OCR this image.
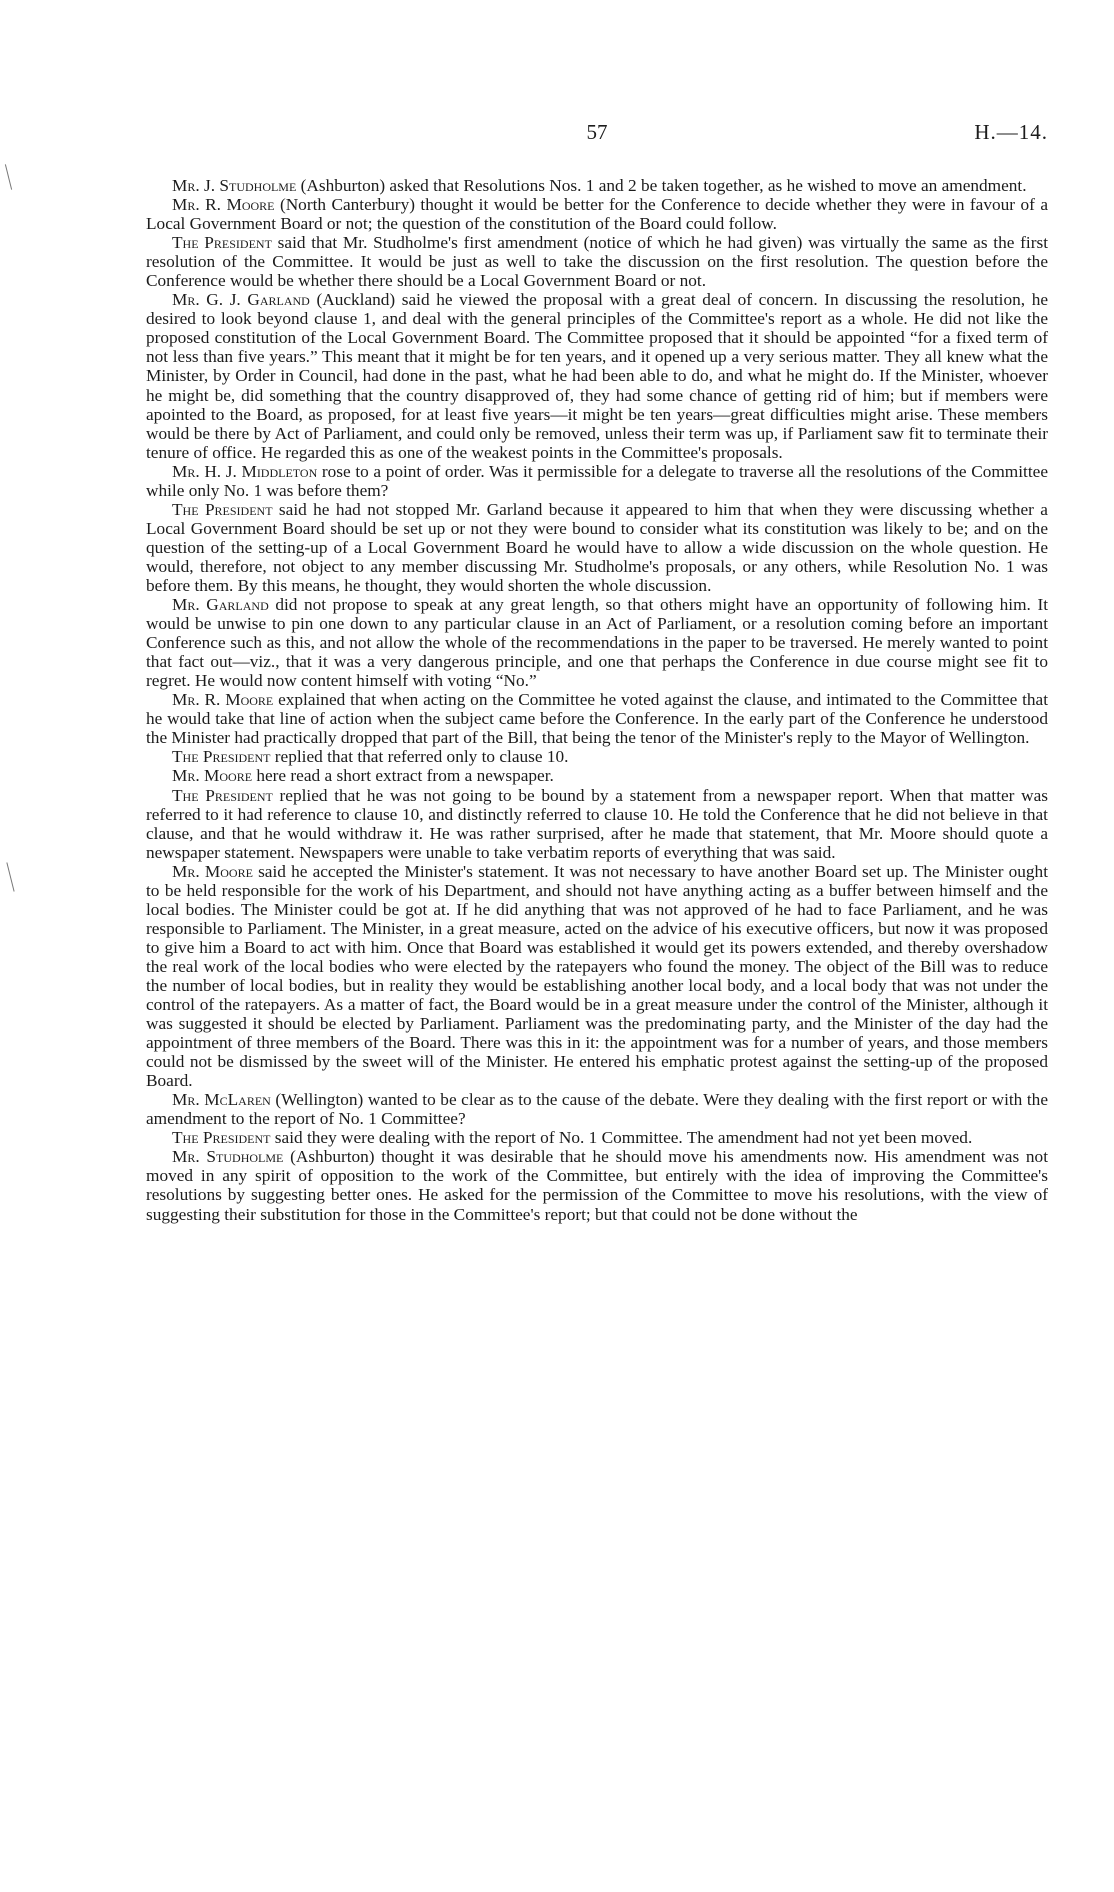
57	H.—14.

Mr. J. Studholme (Ashburton) asked that Resolutions Nos. 1 and 2 be taken together, as he wished to move an amendment.

Mr. R. Moore (North Canterbury) thought it would be better for the Conference to decide whether they were in favour of a Local Government Board or not; the question of the constitution of the Board could follow.

The President said that Mr. Studholme's first amendment (notice of which he had given) was virtually the same as the first resolution of the Committee. It would be just as well to take the discussion on the first resolution. The question before the Conference would be whether there should be a Local Government Board or not.

Mr. G. J. Garland (Auckland) said he viewed the proposal with a great deal of concern. In discussing the resolution, he desired to look beyond clause 1, and deal with the general principles of the Committee's report as a whole. He did not like the proposed constitution of the Local Government Board. The Committee proposed that it should be appointed “for a fixed term of not less than five years.” This meant that it might be for ten years, and it opened up a very serious matter. They all knew what the Minister, by Order in Council, had done in the past, what he had been able to do, and what he might do. If the Minister, whoever he might be, did something that the country disapproved of, they had some chance of getting rid of him; but if members were apointed to the Board, as proposed, for at least five years—it might be ten years—great difficulties might arise. These members would be there by Act of Parliament, and could only be removed, unless their term was up, if Parliament saw fit to terminate their tenure of office. He regarded this as one of the weakest points in the Committee's proposals.

Mr. H. J. Middleton rose to a point of order. Was it permissible for a delegate to traverse all the resolutions of the Committee while only No. 1 was before them?

The President said he had not stopped Mr. Garland because it appeared to him that when they were discussing whether a Local Government Board should be set up or not they were bound to consider what its constitution was likely to be; and on the question of the setting-up of a Local Government Board he would have to allow a wide discussion on the whole question. He would, therefore, not object to any member discussing Mr. Studholme's proposals, or any others, while Resolution No. 1 was before them. By this means, he thought, they would shorten the whole discussion.

Mr. Garland did not propose to speak at any great length, so that others might have an opportunity of following him. It would be unwise to pin one down to any particular clause in an Act of Parliament, or a resolution coming before an important Conference such as this, and not allow the whole of the recommendations in the paper to be traversed. He merely wanted to point that fact out—viz., that it was a very dangerous principle, and one that perhaps the Conference in due course might see fit to regret. He would now content himself with voting “No.”

Mr. R. Moore explained that when acting on the Committee he voted against the clause, and intimated to the Committee that he would take that line of action when the subject came before the Conference. In the early part of the Conference he understood the Minister had practically dropped that part of the Bill, that being the tenor of the Minister's reply to the Mayor of Wellington.

The President replied that that referred only to clause 10.

Mr. Moore here read a short extract from a newspaper.

The President replied that he was not going to be bound by a statement from a newspaper report. When that matter was referred to it had reference to clause 10, and distinctly referred to clause 10. He told the Conference that he did not believe in that clause, and that he would withdraw it. He was rather surprised, after he made that statement, that Mr. Moore should quote a newspaper statement. Newspapers were unable to take verbatim reports of everything that was said.

Mr. Moore said he accepted the Minister's statement. It was not necessary to have another Board set up. The Minister ought to be held responsible for the work of his Department, and should not have anything acting as a buffer between himself and the local bodies. The Minister could be got at. If he did anything that was not approved of he had to face Parliament, and he was responsible to Parliament. The Minister, in a great measure, acted on the advice of his executive officers, but now it was proposed to give him a Board to act with him. Once that Board was established it would get its powers extended, and thereby overshadow the real work of the local bodies who were elected by the ratepayers who found the money. The object of the Bill was to reduce the number of local bodies, but in reality they would be establishing another local body, and a local body that was not under the control of the ratepayers. As a matter of fact, the Board would be in a great measure under the control of the Minister, although it was suggested it should be elected by Parliament. Parliament was the predominating party, and the Minister of the day had the appointment of three members of the Board. There was this in it: the appointment was for a number of years, and those members could not be dismissed by the sweet will of the Minister. He entered his emphatic protest against the setting-up of the proposed Board.

Mr. McLaren (Wellington) wanted to be clear as to the cause of the debate. Were they dealing with the first report or with the amendment to the report of No. 1 Committee?

The President said they were dealing with the report of No. 1 Committee. The amendment had not yet been moved.

Mr. Studholme (Ashburton) thought it was desirable that he should move his amendments now. His amendment was not moved in any spirit of opposition to the work of the Committee, but entirely with the idea of improving the Committee's resolutions by suggesting better ones. He asked for the permission of the Committee to move his resolutions, with the view of suggesting their substitution for those in the Committee's report; but that could not be done without the
